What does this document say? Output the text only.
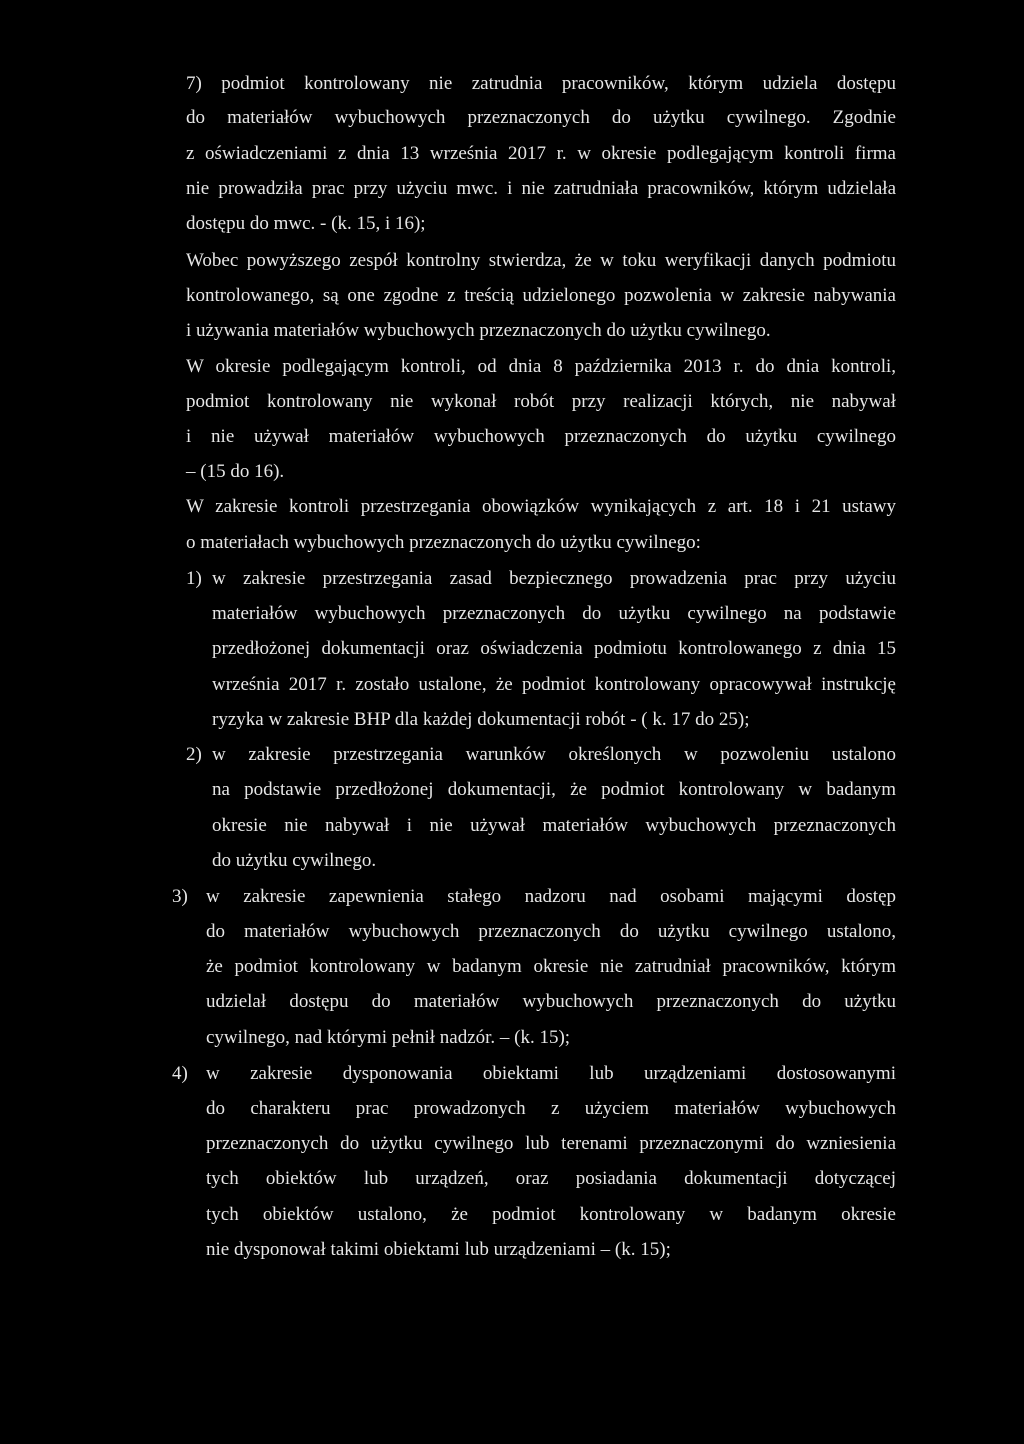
7) podmiot kontrolowany nie zatrudnia pracowników, którym udziela dostępu
do materiałów wybuchowych przeznaczonych do użytku cywilnego. Zgodnie
z oświadczeniami z dnia 13 września 2017 r. w okresie podlegającym kontroli firma
nie prowadziła prac przy użyciu mwc. i nie zatrudniała pracowników, którym udzielała
dostępu do mwc. - (k. 15, i 16);
Wobec powyższego zespół kontrolny stwierdza, że w toku weryfikacji danych podmiotu
kontrolowanego, są one zgodne z treścią udzielonego pozwolenia w zakresie nabywania
i używania materiałów wybuchowych przeznaczonych do użytku cywilnego.
W okresie podlegającym kontroli, od dnia 8 października 2013 r. do dnia kontroli,
podmiot kontrolowany nie wykonał robót przy realizacji których, nie nabywał
i nie używał materiałów wybuchowych przeznaczonych do użytku cywilnego
– (15 do 16).
W zakresie kontroli przestrzegania obowiązków wynikających z art. 18 i 21 ustawy
o materiałach wybuchowych przeznaczonych do użytku cywilnego:
1) w zakresie przestrzegania zasad bezpiecznego prowadzenia prac przy użyciu
materiałów wybuchowych przeznaczonych do użytku cywilnego na podstawie
przedłożonej dokumentacji oraz oświadczenia podmiotu kontrolowanego z dnia 15
września 2017 r. zostało ustalone, że podmiot kontrolowany opracowywał instrukcję
ryzyka w zakresie BHP dla każdej dokumentacji robót - ( k. 17 do 25);
2) w zakresie przestrzegania warunków określonych w pozwoleniu ustalono
na podstawie przedłożonej dokumentacji, że podmiot kontrolowany w badanym
okresie nie nabywał i nie używał materiałów wybuchowych przeznaczonych
do użytku cywilnego.
3) w zakresie zapewnienia stałego nadzoru nad osobami mającymi dostęp
do materiałów wybuchowych przeznaczonych do użytku cywilnego ustalono,
że podmiot kontrolowany w badanym okresie nie zatrudniał pracowników, którym
udzielał dostępu do materiałów wybuchowych przeznaczonych do użytku
cywilnego, nad którymi pełnił nadzór. – (k. 15);
4) w zakresie dysponowania obiektami lub urządzeniami dostosowanymi
do charakteru prac prowadzonych z użyciem materiałów wybuchowych
przeznaczonych do użytku cywilnego lub terenami przeznaczonymi do wzniesienia
tych obiektów lub urządzeń, oraz posiadania dokumentacji dotyczącej
tych obiektów ustalono, że podmiot kontrolowany w badanym okresie
nie dysponował takimi obiektami lub urządzeniami – (k. 15);
